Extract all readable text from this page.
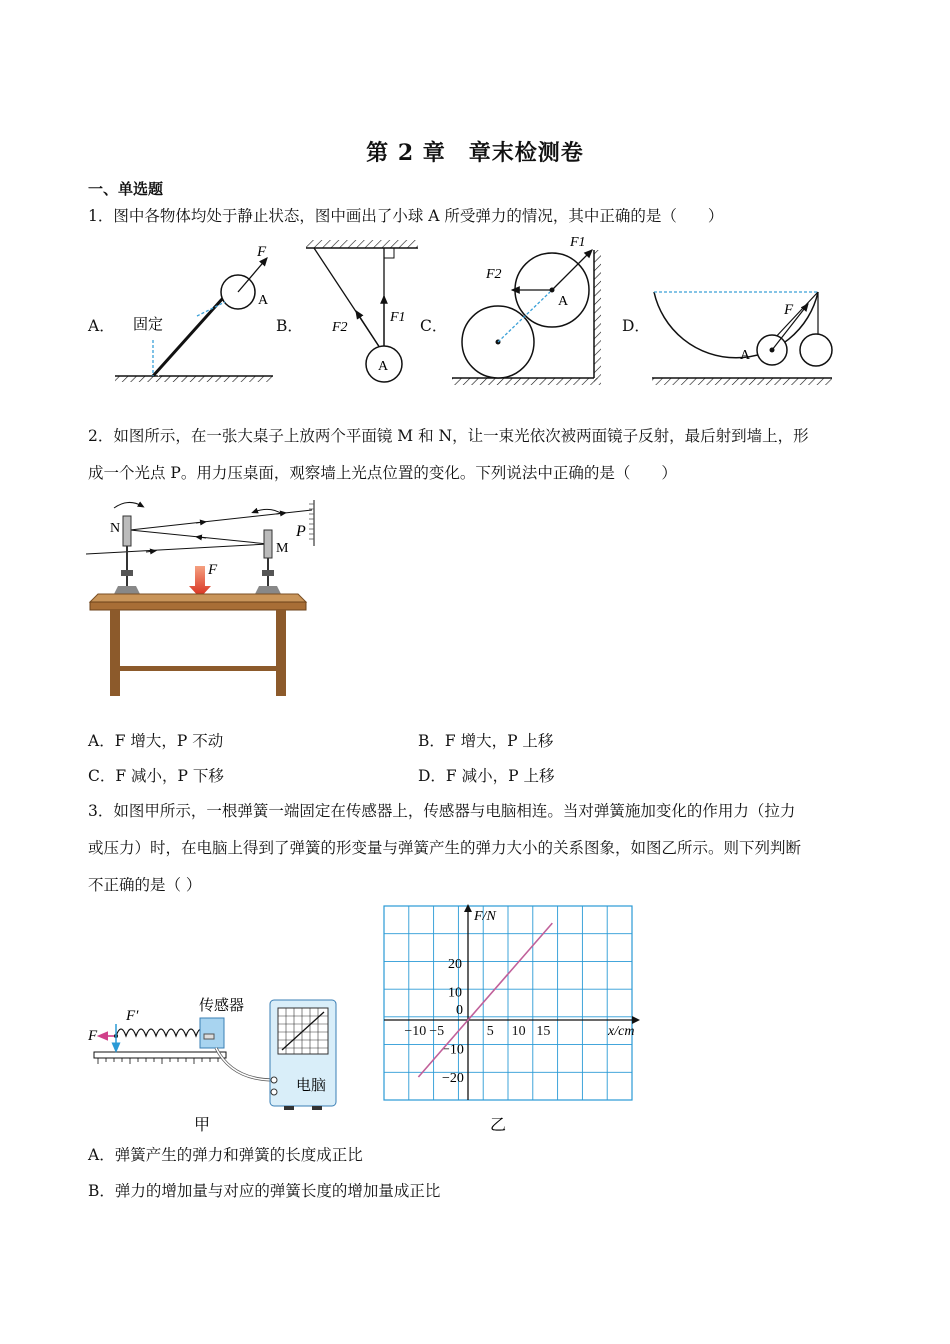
第 2 章　章末检测卷
一、单选题
1．图中各物体均处于静止状态，图中画出了小球 A 所受弹力的情况，其中正确的是（　　）
A．	B．	C．	D．
F
A
固定
A
F1
F2
A
F1
F2
A
F
2．如图所示，在一张大桌子上放两个平面镜 M 和 N，让一束光依次被两面镜子反射，最后射到墙上，形
成一个光点 P。用力压桌面，观察墙上光点位置的变化。下列说法中正确的是（　　）
N
M
P
F
A．F 增大，P 不动	B．F 增大，P 上移
C．F 减小，P 下移	D．F 减小，P 上移
3．如图甲所示，一根弹簧一端固定在传感器上，传感器与电脑相连。当对弹簧施加变化的作用力（拉力
或压力）时，在电脑上得到了弹簧的形变量与弹簧产生的弹力大小的关系图象，如图乙所示。则下列判断
不正确的是（ ）
传感器
电脑
F
F′
甲
−10 −5
0
5 10 15
20
10
−10
−20
F/N
x/cm
乙
A．弹簧产生的弹力和弹簧的长度成正比
B．弹力的增加量与对应的弹簧长度的增加量成正比
